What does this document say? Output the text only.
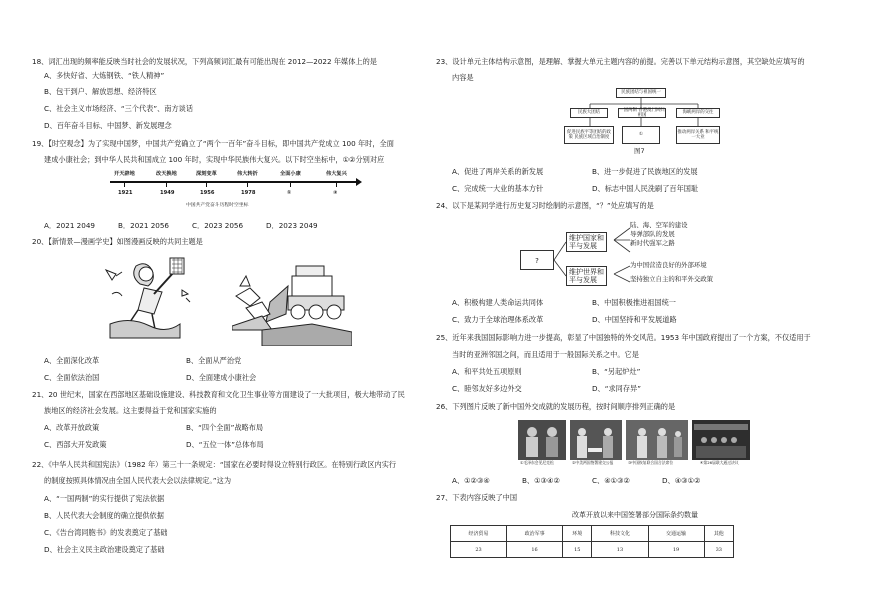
18、词汇出现的频率能反映当时社会的发展状况，下列高频词汇最有可能出现在 2012—2022 年媒体上的是
A、多快好省、大炼钢铁、“铁人精神”
B、包干到户、解放思想、经济特区
C、社会主义市场经济、“三个代表”、南方谈话
D、百年奋斗目标、中国梦、新发展理念
19、【时空观念】为了实现中国梦，中国共产党确立了“两个一百年”奋斗目标，即中国共产党成立 100 年时，全面
建成小康社会；到中华人民共和国成立 100 年时，实现中华民族伟大复兴。以下时空坐标中，①②分别对应
开天辟地	改天换地	深刻变革	伟大转折	全面小康	伟大复兴
1921	1949	1956	1978	①	②
中国共产党奋斗历程时空坐标
A．2021 2049	B．2021 2056	C．2023 2056	D．2023 2049
20、【新情景—漫画学史】如图漫画反映的共同主题是
A、全面深化改革	B、全面从严治党
C、全面依法治国	D、全面建成小康社会
21、20 世纪末，国家在西部地区基础设施建设、科技教育和文化卫生事业等方面建设了一大批项目，极大地带动了民
族地区的经济社会发展。这主要得益于党和国家实施的
A、改革开放政策	B、“四个全面”战略布局
C、西部大开发政策	D、“五位一体”总体布局
22、《中华人民共和国宪法》（1982 年）第三十一条规定：“国家在必要时得设立特别行政区。在特别行政区内实行
的制度按照具体情况由全国人民代表大会以法律规定。”这为
A、“一国两制”的实行提供了宪法依据
B、人民代表大会制度的确立提供依据
C、《告台湾同胞书》的发表奠定了基础
D、社会主义民主政治建设奠定了基础
23、设计单元主体结构示意图，是理解、掌握大单元主题内容的前提。完善以下单元结构示意图，其空缺处应填写的
内容是
民族团结与祖国统一
民族大团结
一国两制 香港澳门回归祖国
海峡两岸的交往
促进民族平等团结的政策 民族区域自治制度
①
推动两岸关系 和平统一大业
图7
A、促进了两岸关系的新发展	B、进一步促进了民族地区的发展
C、完成统一大业的基本方针	D、标志中国人民洗刷了百年国耻
24、以下是某同学进行历史复习时绘制的示意图，“？”处应填写的是
?
维护国家和
平与发展
维护世界和
平与发展
陆、海、空军的建设
导弹部队的发展
新时代强军之路
为中国营造良好的外部环境
坚持独立自主的和平外交政策
A、积极构建人类命运共同体	B、中国积极推进祖国统一
C、致力于全球治理体系改革	D、中国坚持和平发展道路
25、近年来我国国际影响力进一步提高，彰显了中国独特的外交风范。1953 年中国政府提出了一个方案，不仅适用于
当时的亚洲邻国之间，而且适用于一般国际关系之中。它是
A、和平共处五项原则	B、“另起炉灶”
C、睦邻友好多边外交	D、“求同存异”
26、下列图片反映了新中国外交成就的发展历程，按时间顺序排列正确的是
①毛泽东会见尼克松	②中美两国签署建交公报	③中国恢复联合国合法席位	④第26届联大通过决议
A、①②③④	B、①③④②	C、④①③②	D、④③①②
27、下表内容反映了中国
改革开放以来中国签署部分国际条约数量
经济贸易	政治军事	环境	科技文化	交通运输	其他
23	16	15	13	19	33
